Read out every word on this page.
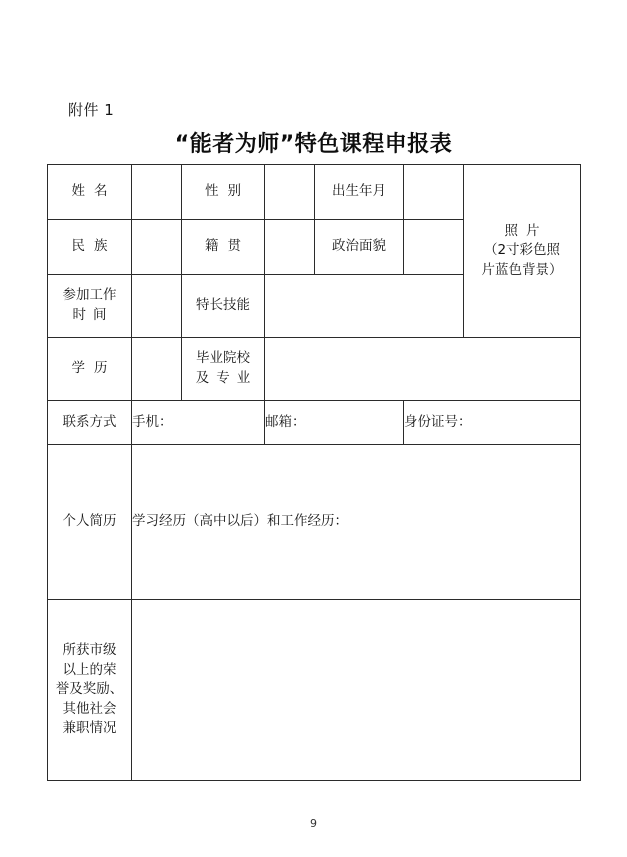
附件 1
“能者为师”特色课程申报表
姓名		性别		出生年月		照片
（2寸彩色照
片蓝色背景）

民族		籍贯		政治面貌		

参加工作
时间		特长技能				
学历		毕业院校
及专业				

联系方式	手机：		邮箱：		身份证号：	
个人简历	学习经历（高中以后）和工作经历：					

所获市级
以上的荣
誉及奖励、
其他社会
兼职情况						

9
